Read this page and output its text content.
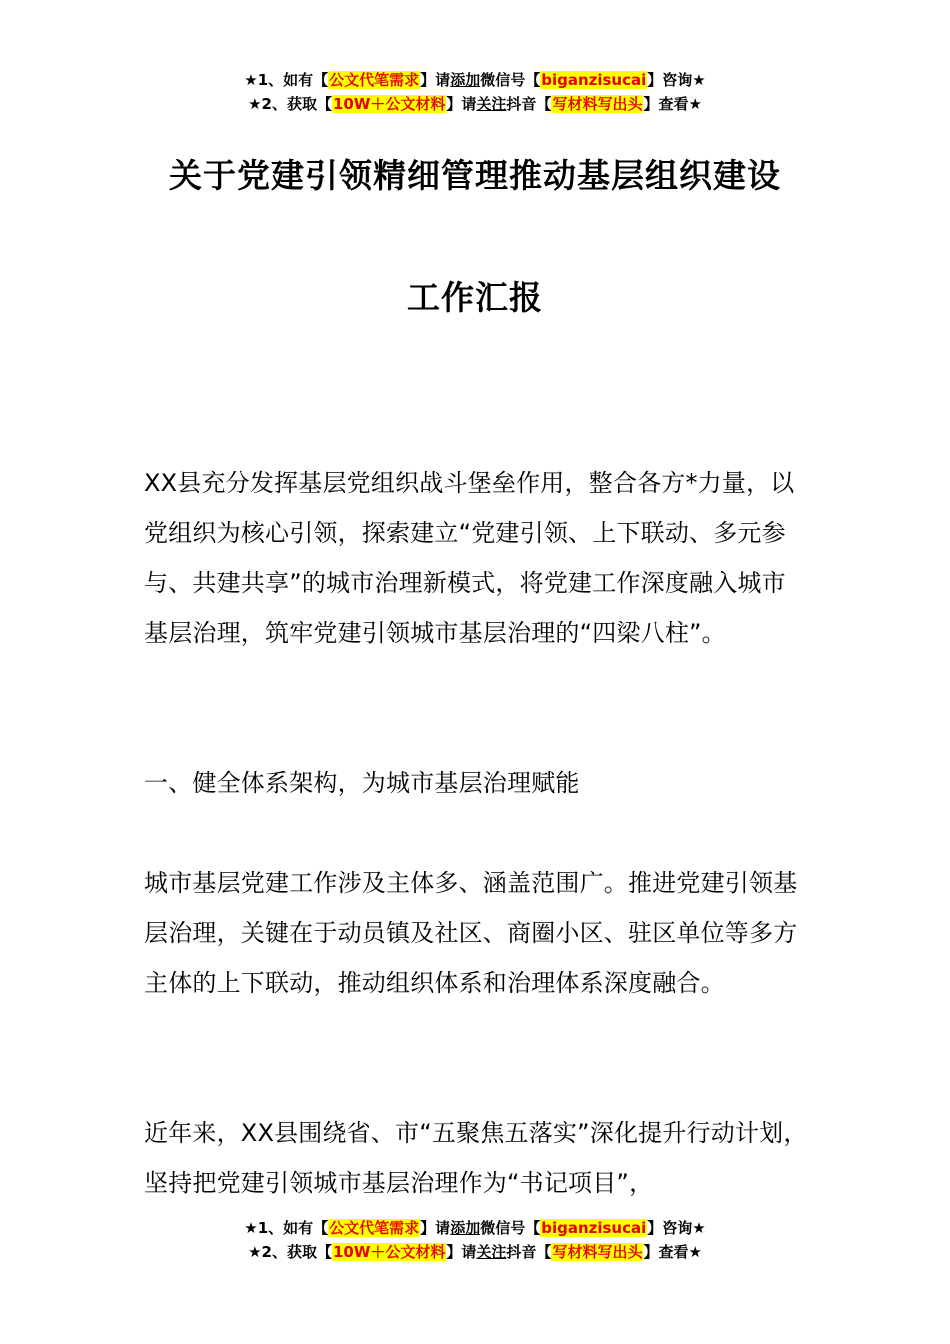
★1、如有【公文代笔需求】请添加微信号【biganzisucai】咨询★
★2、获取【10W＋公文材料】请关注抖音【写材料写出头】查看★
关于党建引领精细管理推动基层组织建设
工作汇报

XX县充分发挥基层党组织战斗堡垒作用，整合各方*力量，以党组织为核心引领，探索建立“党建引领、上下联动、多元参与、共建共享”的城市治理新模式，将党建工作深度融入城市基层治理，筑牢党建引领城市基层治理的“四梁八柱”。

一、健全体系架构，为城市基层治理赋能

城市基层党建工作涉及主体多、涵盖范围广。推进党建引领基层治理，关键在于动员镇及社区、商圈小区、驻区单位等多方主体的上下联动，推动组织体系和治理体系深度融合。

近年来，XX县围绕省、市“五聚焦五落实”深化提升行动计划，坚持把党建引领城市基层治理作为“书记项目”，

★1、如有【公文代笔需求】请添加微信号【biganzisucai】咨询★
★2、获取【10W＋公文材料】请关注抖音【写材料写出头】查看★
